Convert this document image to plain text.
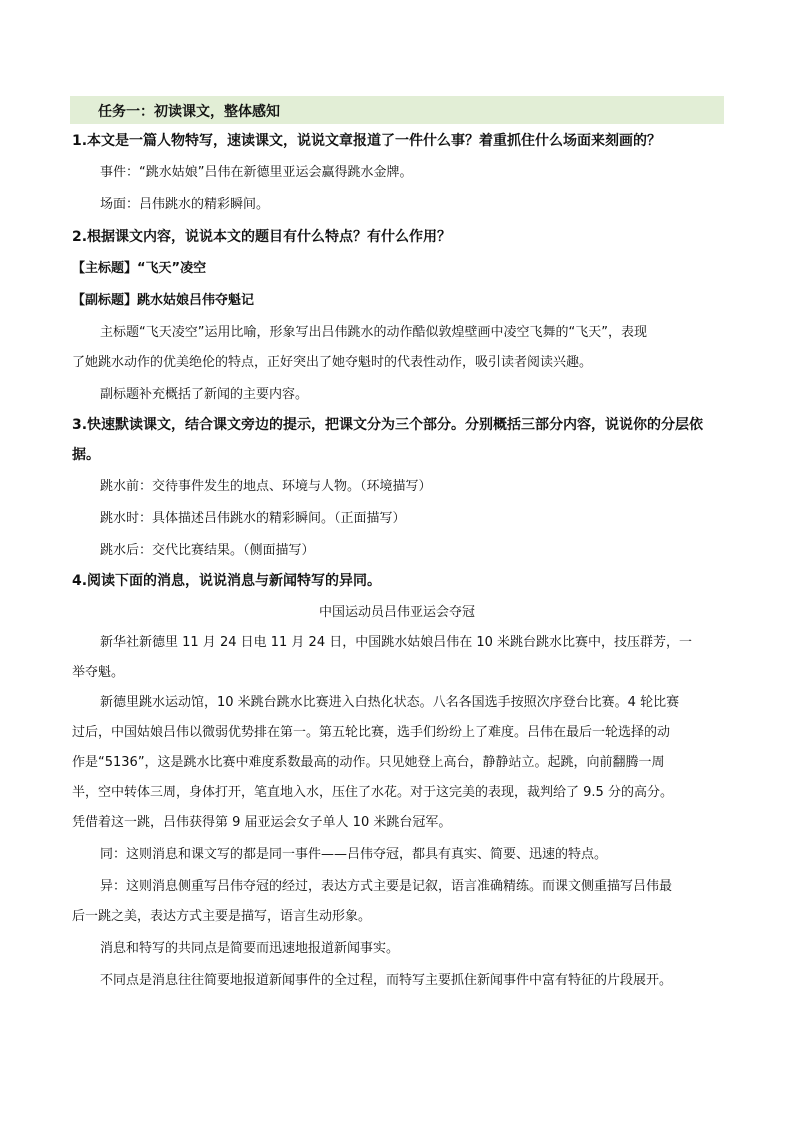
任务一：初读课文，整体感知
1.本文是一篇人物特写，速读课文，说说文章报道了一件什么事？着重抓住什么场面来刻画的？
事件：“跳水姑娘”吕伟在新德里亚运会赢得跳水金牌。
场面：吕伟跳水的精彩瞬间。
2.根据课文内容，说说本文的题目有什么特点？有什么作用？
【主标题】“飞天”凌空
【副标题】跳水姑娘吕伟夺魁记
主标题“飞天凌空”运用比喻，形象写出吕伟跳水的动作酷似敦煌壁画中凌空飞舞的“飞天”，表现
了她跳水动作的优美绝伦的特点，正好突出了她夺魁时的代表性动作，吸引读者阅读兴趣。
副标题补充概括了新闻的主要内容。
3.快速默读课文，结合课文旁边的提示，把课文分为三个部分。分别概括三部分内容，说说你的分层依
据。
跳水前：交待事件发生的地点、环境与人物。（环境描写）
跳水时：具体描述吕伟跳水的精彩瞬间。（正面描写）
跳水后：交代比赛结果。（侧面描写）
4.阅读下面的消息，说说消息与新闻特写的异同。
中国运动员吕伟亚运会夺冠
新华社新德里 11 月 24 日电 11 月 24 日，中国跳水姑娘吕伟在 10 米跳台跳水比赛中，技压群芳，一
举夺魁。
新德里跳水运动馆，10 米跳台跳水比赛进入白热化状态。八名各国选手按照次序登台比赛。4 轮比赛
过后，中国姑娘吕伟以微弱优势排在第一。第五轮比赛，选手们纷纷上了难度。吕伟在最后一轮选择的动
作是“5136”，这是跳水比赛中难度系数最高的动作。只见她登上高台，静静站立。起跳，向前翻腾一周
半，空中转体三周，身体打开，笔直地入水，压住了水花。对于这完美的表现，裁判给了 9.5 分的高分。
凭借着这一跳，吕伟获得第 9 届亚运会女子单人 10 米跳台冠军。
同：这则消息和课文写的都是同一事件——吕伟夺冠，都具有真实、简要、迅速的特点。
异：这则消息侧重写吕伟夺冠的经过，表达方式主要是记叙，语言准确精练。而课文侧重描写吕伟最
后一跳之美，表达方式主要是描写，语言生动形象。
消息和特写的共同点是简要而迅速地报道新闻事实。
不同点是消息往往简要地报道新闻事件的全过程，而特写主要抓住新闻事件中富有特征的片段展开。
